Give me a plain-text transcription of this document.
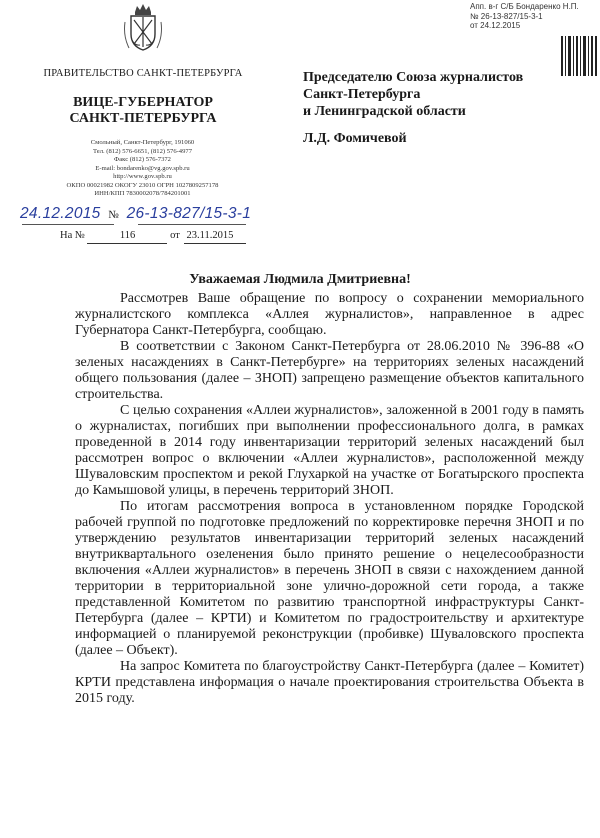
ПРАВИТЕЛЬСТВО САНКТ-ПЕТЕРБУРГА
ВИЦЕ-ГУБЕРНАТОР
САНКТ-ПЕТЕРБУРГА
Смольный, Санкт-Петербург, 191060
Тел. (812) 576-6651, (812) 576-4977
Факс (812) 576-7372
E-mail: bondarenko@vg.gov.spb.ru
http://www.gov.spb.ru
ОКПО 00021982 ОКОГУ 23010 ОГРН 1027809257178
ИНН/КПП 7830002078/784201001
24.12.2015 № 26-13-827/15-3-1
На №	116	от 23.11.2015
Апп. в-г С/Б Бондаренко Н.П.
№ 26-13-827/15-3-1
от 24.12.2015
Председателю Союза журналистов
Санкт-Петербурга
и Ленинградской области
Л.Д. Фомичевой
Уважаемая Людмила Дмитриевна!

Рассмотрев Ваше обращение по вопросу о сохранении мемориального журналистского комплекса «Аллея журналистов», направленное в адрес Губернатора Санкт-Петербурга, сообщаю.

В соответствии с Законом Санкт-Петербурга от 28.06.2010 № 396-88 «О зеленых насаждениях в Санкт-Петербурге» на территориях зеленых насаждений общего пользования (далее – ЗНОП) запрещено размещение объектов капитального строительства.

С целью сохранения «Аллеи журналистов», заложенной в 2001 году в память о журналистах, погибших при выполнении профессионального долга, в рамках проведенной в 2014 году инвентаризации территорий зеленых насаждений был рассмотрен вопрос о включении «Аллеи журналистов», расположенной между Шуваловским проспектом и рекой Глухаркой на участке от Богатырского проспекта до Камышовой улицы, в перечень территорий ЗНОП.

По итогам рассмотрения вопроса в установленном порядке Городской рабочей группой по подготовке предложений по корректировке перечня ЗНОП и по утверждению результатов инвентаризации территорий зеленых насаждений внутриквартального озеленения было принято решение о нецелесообразности включения «Аллеи журналистов» в перечень ЗНОП в связи с нахождением данной территории в территориальной зоне улично-дорожной сети города, а также представленной Комитетом по развитию транспортной инфраструктуры Санкт-Петербурга (далее – КРТИ) и Комитетом по градостроительству и архитектуре информацией о планируемой реконструкции (пробивке) Шуваловского проспекта (далее – Объект).

На запрос Комитета по благоустройству Санкт-Петербурга (далее – Комитет) КРТИ представлена информация о начале проектирования строительства Объекта в 2015 году.
